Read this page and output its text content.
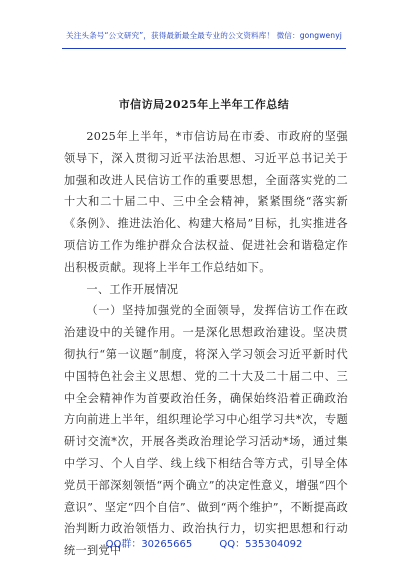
关注头条号“公文研究”，获得最新最全最专业的公文资料库！ 微信：gongwenyj
市信访局2025年上半年工作总结

2025年上半年，*市信访局在市委、市政府的坚强领导下，深入贯彻习近平法治思想、习近平总书记关于加强和改进人民信访工作的重要思想，全面落实党的二十大和二十届二中、三中全会精神，紧紧围绕“落实新《条例》、推进法治化、构建大格局”目标，扎实推进各项信访工作为维护群众合法权益、促进社会和谐稳定作出积极贡献。现将上半年工作总结如下。

一、工作开展情况

（一）坚持加强党的全面领导，发挥信访工作在政治建设中的关键作用。一是深化思想政治建设。坚决贯彻执行“第一议题”制度，将深入学习领会习近平新时代中国特色社会主义思想、党的二十大及二十届二中、三中全会精神作为首要政治任务，确保始终沿着正确政治方向前进上半年，组织理论学习中心组学习共*次，专题研讨交流*次，开展各类政治理论学习活动*场，通过集中学习、个人自学、线上线下相结合等方式，引导全体党员干部深刻领悟“两个确立”的决定性意义，增强“四个意识”、坚定“四个自信”、做到“两个维护”，不断提高政治判断力政治领悟力、政治执行力，切实把思想和行动统一到党中

QQ群：30265665	QQ：535304092
